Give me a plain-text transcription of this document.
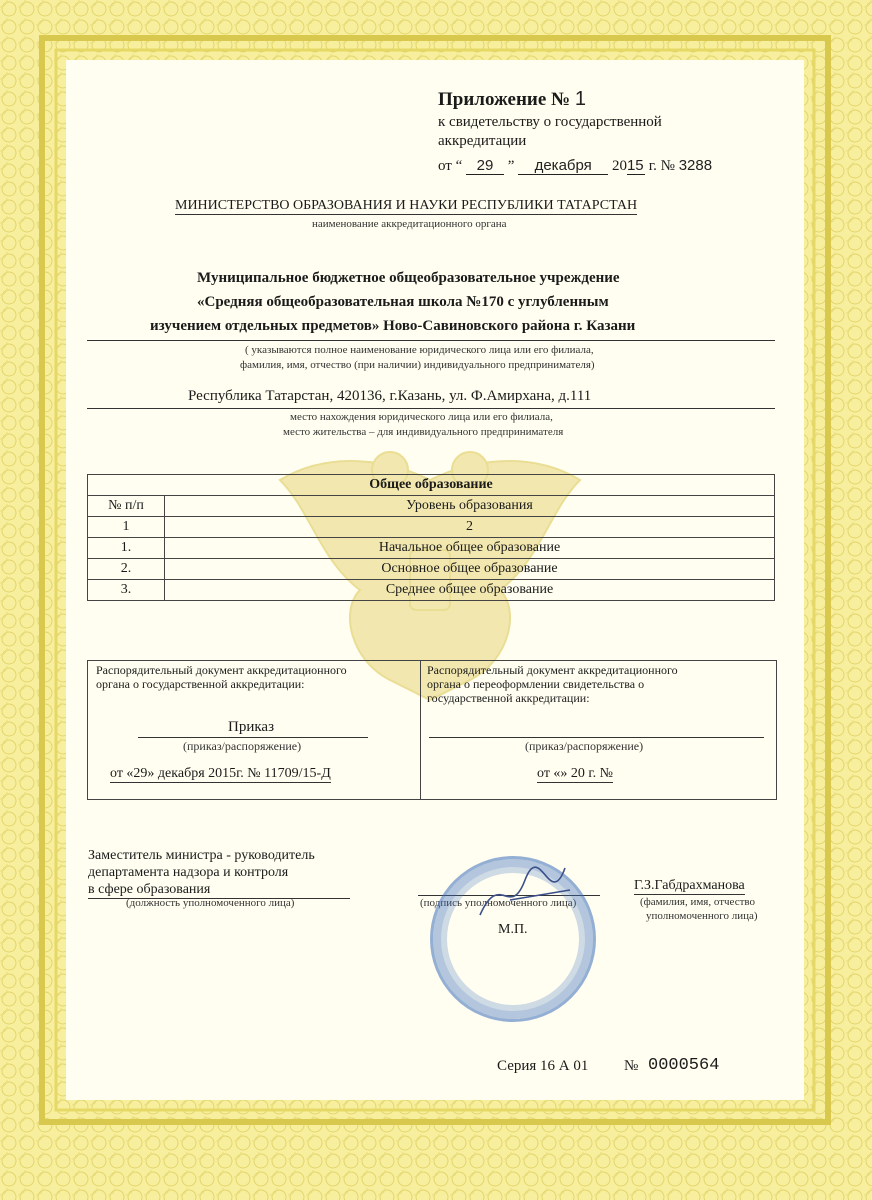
Приложение № 1
к свидетельству о государственной
аккредитации
от “ 29 ” декабря 2015 г. № 3288
МИНИСТЕРСТВО ОБРАЗОВАНИЯ И НАУКИ РЕСПУБЛИКИ ТАТАРСТАН
наименование аккредитационного органа
Муниципальное бюджетное общеобразовательное учреждение
«Средняя общеобразовательная школа №170 с углубленным
изучением отдельных предметов» Ново-Савиновского района г. Казани
( указываются полное наименование юридического лица или его филиала,
фамилия, имя, отчество (при наличии) индивидуального предпринимателя)
Республика Татарстан, 420136, г.Казань, ул. Ф.Амирхана, д.111
место нахождения юридического лица или его филиала,
место жительства – для индивидуального предпринимателя
Общее образование	
№ п/п	Уровень образования
1	2
1.	Начальное общее образование
2.	Основное общее образование
3.	Среднее общее образование
Распорядительный документ аккредитационного
органа о государственной аккредитации:
Приказ
(приказ/распоряжение)
от «29» декабря 2015г. № 11709/15-Д
Распорядительный документ аккредитационного
органа о переоформлении свидетельства о
государственной аккредитации:
(приказ/распоряжение)
от «» 20 г. №
Заместитель министра - руководитель
департамента надзора и контроля
в сфере образования
(должность уполномоченного лица)	(подпись уполномоченного лица)
Г.З.Габдрахманова
(фамилия, имя, отчество
уполномоченного лица)
М.П.
Серия 16 А 01 № 0000564
